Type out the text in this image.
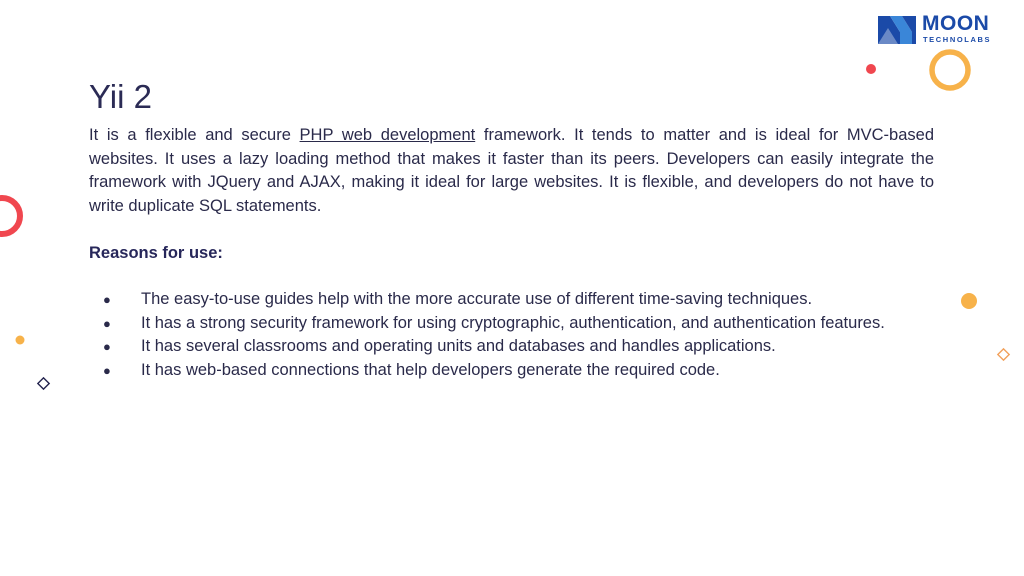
MOON
TECHNOLABS
Yii 2

It is a flexible and secure PHP web development framework. It tends to matter and is ideal for MVC-based websites. It uses a lazy loading method that makes it faster than its peers. Developers can easily integrate the framework with JQuery and AJAX, making it ideal for large websites. It is flexible, and developers do not have to write duplicate SQL statements.

Reasons for use:
● The easy-to-use guides help with the more accurate use of different time-saving techniques.
● It has a strong security framework for using cryptographic, authentication, and authentication features.
● It has several classrooms and operating units and databases and handles applications.
● It has web-based connections that help developers generate the required code.
